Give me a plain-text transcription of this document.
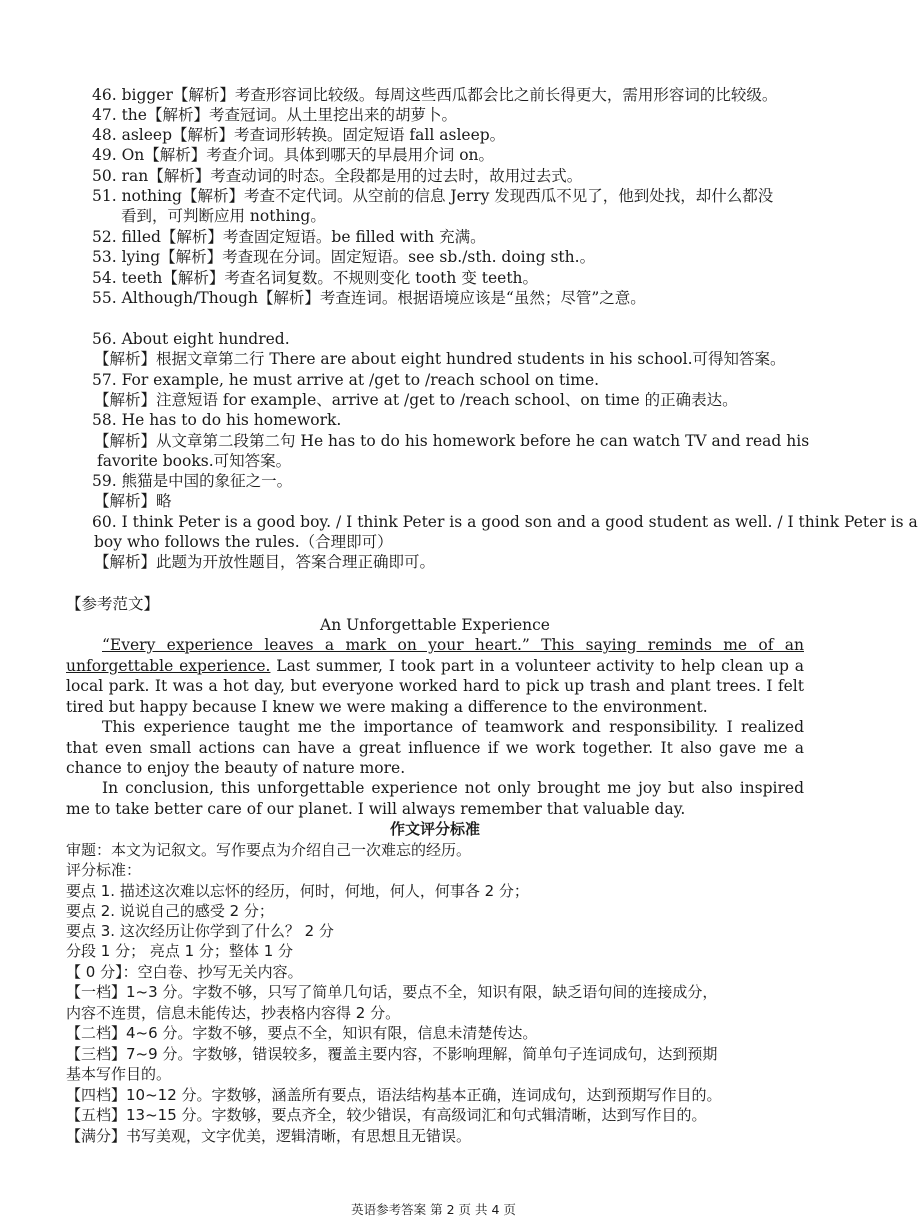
46. bigger【解析】考查形容词比较级。每周这些西瓜都会比之前长得更大，需用形容词的比较级。
47. the【解析】考查冠词。从土里挖出来的胡萝卜。
48. asleep【解析】考查词形转换。固定短语 fall asleep。
49. On【解析】考查介词。具体到哪天的早晨用介词 on。
50. ran【解析】考查动词的时态。全段都是用的过去时，故用过去式。
51. nothing【解析】考查不定代词。从空前的信息 Jerry 发现西瓜不见了，他到处找，却什么都没
看到，可判断应用 nothing。
52. filled【解析】考查固定短语。be filled with 充满。
53. lying【解析】考查现在分词。固定短语。see sb./sth. doing sth.。
54. teeth【解析】考查名词复数。不规则变化 tooth 变 teeth。
55. Although/Though【解析】考查连词。根据语境应该是“虽然；尽管”之意。
56. About eight hundred.
【解析】根据文章第二行 There are about eight hundred students in his school.可得知答案。
57. For example, he must arrive at /get to /reach school on time.
【解析】注意短语 for example、arrive at /get to /reach school、on time 的正确表达。
58. He has to do his homework.
【解析】从文章第二段第二句 He has to do his homework before he can watch TV and read his
favorite books.可知答案。
59. 熊猫是中国的象征之一。
【解析】略
60. I think Peter is a good boy. / I think Peter is a good son and a good student as well. / I think Peter is a
boy who follows the rules.（合理即可）
【解析】此题为开放性题目，答案合理正确即可。
【参考范文】
An Unforgettable Experience
“Every experience leaves a mark on your heart.” This saying reminds me of an unforgettable experience. Last summer, I took part in a volunteer activity to help clean up a local park. It was a hot day, but everyone worked hard to pick up trash and plant trees. I felt tired but happy because I knew we were making a difference to the environment.
This experience taught me the importance of teamwork and responsibility. I realized that even small actions can have a great influence if we work together. It also gave me a chance to enjoy the beauty of nature more.
In conclusion, this unforgettable experience not only brought me joy but also inspired me to take better care of our planet. I will always remember that valuable day.
作文评分标准
审题：本文为记叙文。写作要点为介绍自己一次难忘的经历。
评分标准：
要点 1. 描述这次难以忘怀的经历，何时，何地，何人，何事各 2 分；
要点 2. 说说自己的感受 2 分；
要点 3. 这次经历让你学到了什么？ 2 分
分段 1 分； 亮点 1 分；整体 1 分
【 0 分】：空白卷、抄写无关内容。
【一档】1~3 分。字数不够，只写了简单几句话，要点不全，知识有限，缺乏语句间的连接成分，
内容不连贯，信息未能传达，抄表格内容得 2 分。
【二档】4~6 分。字数不够，要点不全，知识有限，信息未清楚传达。
【三档】7~9 分。字数够，错误较多，覆盖主要内容，不影响理解，简单句子连词成句，达到预期
基本写作目的。
【四档】10~12 分。字数够，涵盖所有要点，语法结构基本正确，连词成句，达到预期写作目的。
【五档】13~15 分。字数够，要点齐全，较少错误，有高级词汇和句式辑清晰，达到写作目的。
【满分】书写美观，文字优美，逻辑清晰，有思想且无错误。
英语参考答案 第 2 页 共 4 页
